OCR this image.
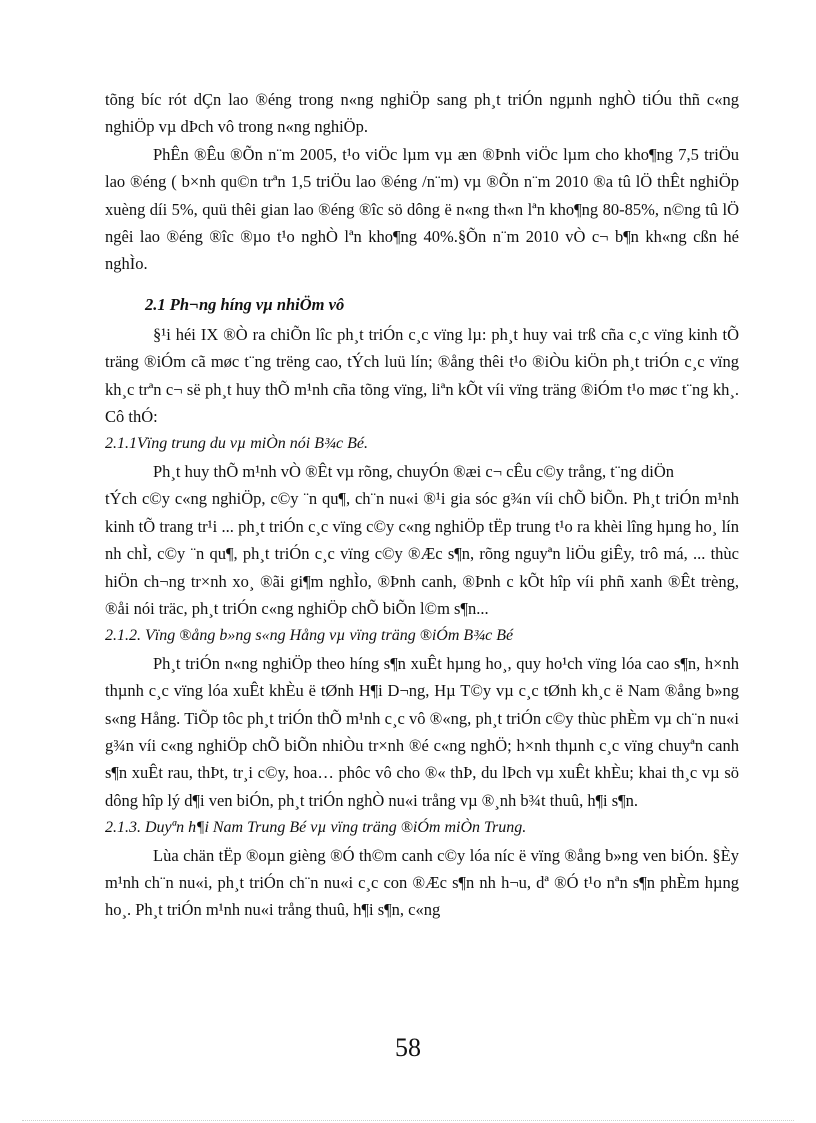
tõng bíc rót dÇn lao ®éng trong n«ng nghiÖp sang ph¸t triÓn ngµnh nghÒ tiÓu thñ c«ng nghiÖp vµ dÞch vô trong n«ng nghiÖp.

PhÊn ®Êu ®Õn n¨m 2005, t¹o viÖc lµm vµ æn ®Þnh viÖc lµm cho kho¶ng 7,5 triÖu lao ®éng ( b×nh qu©n trªn 1,5 triÖu lao ®éng /n¨m) vµ ®Õn n¨m 2010 ®a tû lÖ thÊt nghiÖp xuèng díi 5%, quü thêi gian lao ®éng ®îc sö dông ë n«ng th«n lªn kho¶ng 80-85%, n©ng tû lÖ ngêi lao ®éng ®îc ®µo t¹o nghÒ lªn kho¶ng 40%.§Õn n¨m 2010 vÒ c¬ b¶n kh«ng cßn hé nghÌo.

2.1 Ph¬ng híng vµ nhiÖm vô

§¹i héi IX ®Ò ra chiÕn lîc ph¸t triÓn c¸c vïng lµ: ph¸t huy vai trß cña c¸c vïng kinh tÕ träng ®iÓm cã møc t¨ng trëng cao, tÝch luü lín; ®ång thêi t¹o ®iÒu kiÖn ph¸t triÓn c¸c vïng kh¸c trªn c¬ së ph¸t huy thÕ m¹nh cña tõng vïng, liªn kÕt víi vïng träng ®iÓm t¹o møc t¨ng kh¸. Cô thÓ:

2.1.1Vïng trung du vµ miÒn nói B¾c Bé.

Ph¸t huy thÕ m¹nh vÒ ®Êt vµ rõng, chuyÓn ®æi c¬ cÊu c©y trång, t¨ng diÖn

tÝch c©y c«ng nghiÖp, c©y ¨n qu¶, ch¨n nu«i ®¹i gia sóc g¾n víi chÕ biÕn. Ph¸t triÓn m¹nh kinh tÕ trang tr¹i ... ph¸t triÓn c¸c vïng c©y c«ng nghiÖp tËp trung t¹o ra khèi lîng hµng ho¸ lín nh chÌ, c©y ¨n qu¶, ph¸t triÓn c¸c vïng c©y ®Æc s¶n, rõng nguyªn liÖu giÊy, trô má, ... thùc hiÖn ch¬ng tr×nh xo¸ ®ãi gi¶m nghÌo, ®Þnh canh, ®Þnh c kÕt hîp víi phñ xanh ®Êt trèng, ®åi nói träc, ph¸t triÓn c«ng nghiÖp chÕ biÕn l©m s¶n...

2.1.2. Vïng ®ång b»ng s«ng Hång vµ vïng träng ®iÓm B¾c Bé

Ph¸t triÓn n«ng nghiÖp theo híng s¶n xuÊt hµng ho¸, quy ho¹ch vïng lóa cao s¶n, h×nh thµnh c¸c vïng lóa xuÊt khÈu ë tØnh H¶i D¬ng, Hµ T©y vµ c¸c tØnh kh¸c ë Nam ®ång b»ng s«ng Hång. TiÕp tôc ph¸t triÓn thÕ m¹nh c¸c vô ®«ng, ph¸t triÓn c©y thùc phÈm vµ ch¨n nu«i g¾n víi c«ng nghiÖp chÕ biÕn nhiÒu tr×nh ®é c«ng nghÖ; h×nh thµnh c¸c vïng chuyªn canh s¶n xuÊt rau, thÞt, tr¸i c©y, hoa… phôc vô cho ®« thÞ, du lÞch vµ xuÊt khÈu; khai th¸c vµ sö dông hîp lý d¶i ven biÓn, ph¸t triÓn nghÒ nu«i trång vµ ®¸nh b¾t thuû, h¶i s¶n.

2.1.3. Duyªn h¶i Nam Trung Bé vµ vïng träng ®iÓm miÒn Trung.

Lùa chän tËp ®oµn gièng ®Ó th©m canh c©y lóa níc ë vïng ®ång b»ng ven biÓn. §Èy m¹nh ch¨n nu«i, ph¸t triÓn ch¨n nu«i c¸c con ®Æc s¶n nh h¬u, dª ®Ó t¹o nªn s¶n phÈm hµng ho¸. Ph¸t triÓn m¹nh nu«i trång thuû, h¶i s¶n, c«ng

58
